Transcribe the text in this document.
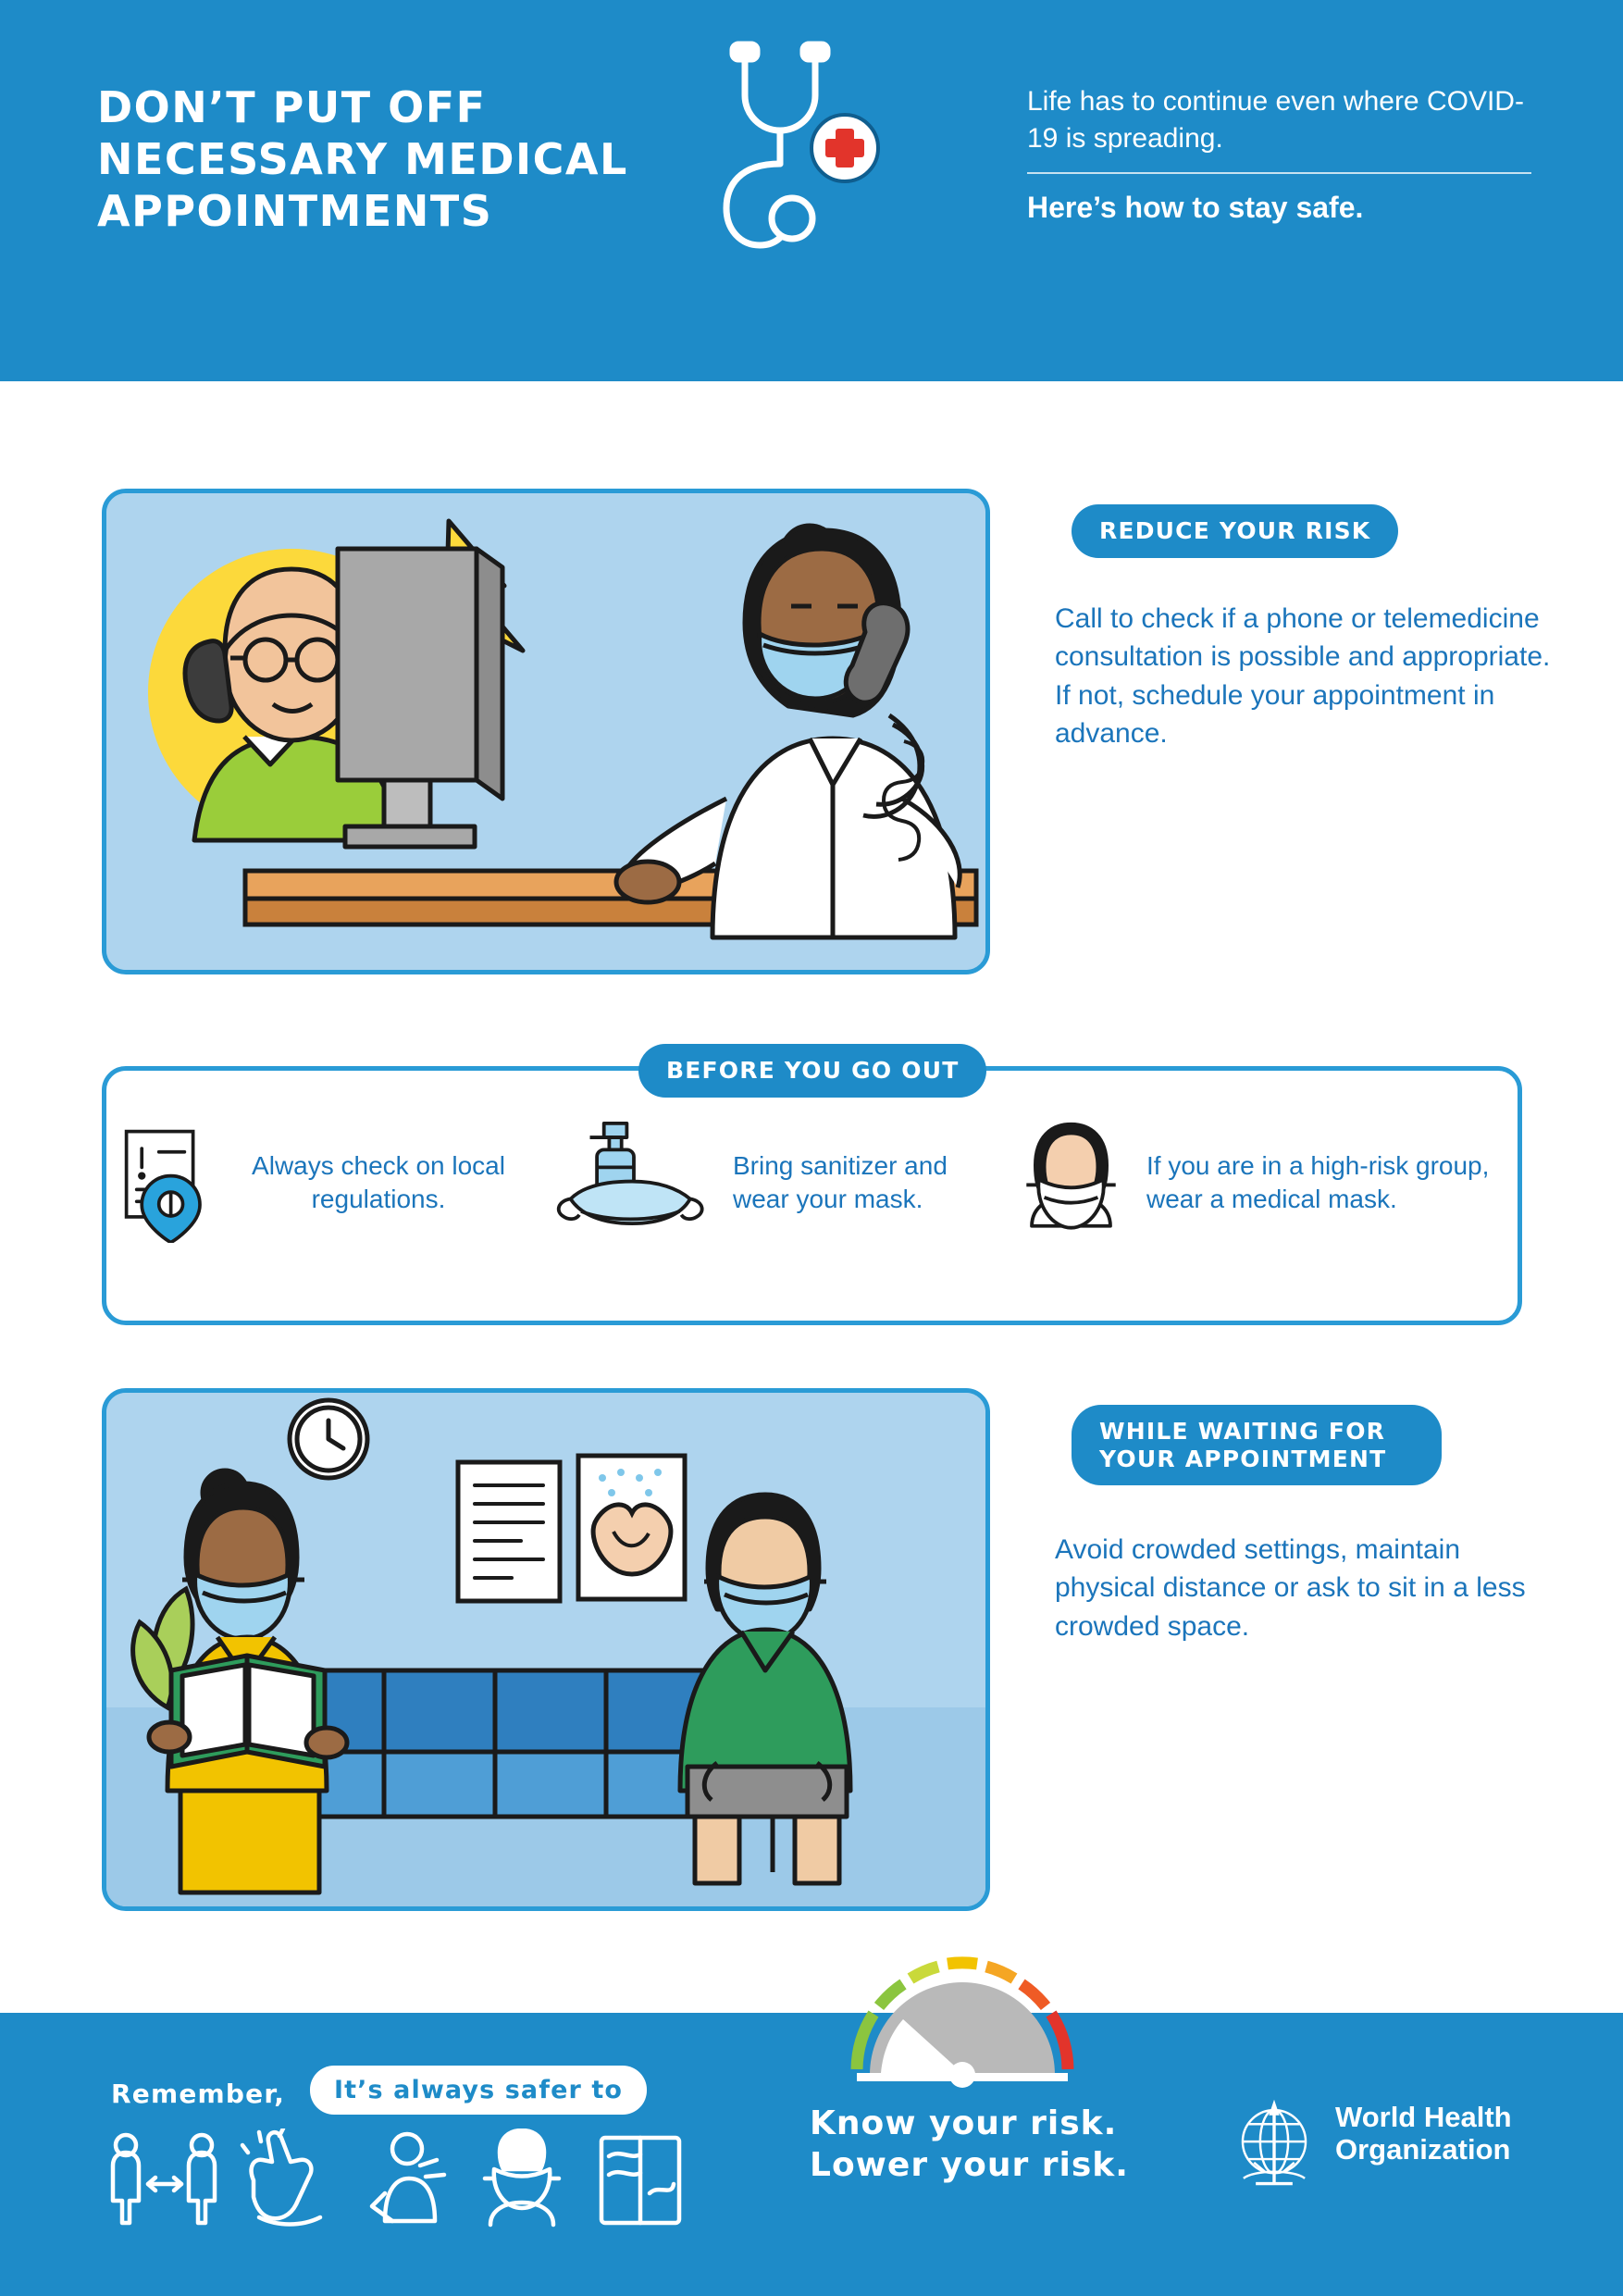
DON’T PUT OFF NECESSARY MEDICAL APPOINTMENTS
Life has to continue even where COVID-19 is spreading.
Here’s how to stay safe.
REDUCE YOUR RISK
Call to check if a phone or telemedicine consultation is possible and appropriate. If not, schedule your appointment in advance.
BEFORE YOU GO OUT
Always check on local regulations.
Bring sanitizer and wear your mask.
If you are in a high-risk group, wear a medical mask.
WHILE WAITING FOR YOUR APPOINTMENT
Avoid crowded settings, maintain physical distance or ask to sit in a less crowded space.
Remember,	It’s always safer to
Know your risk.
Lower your risk.
World Health
Organization
